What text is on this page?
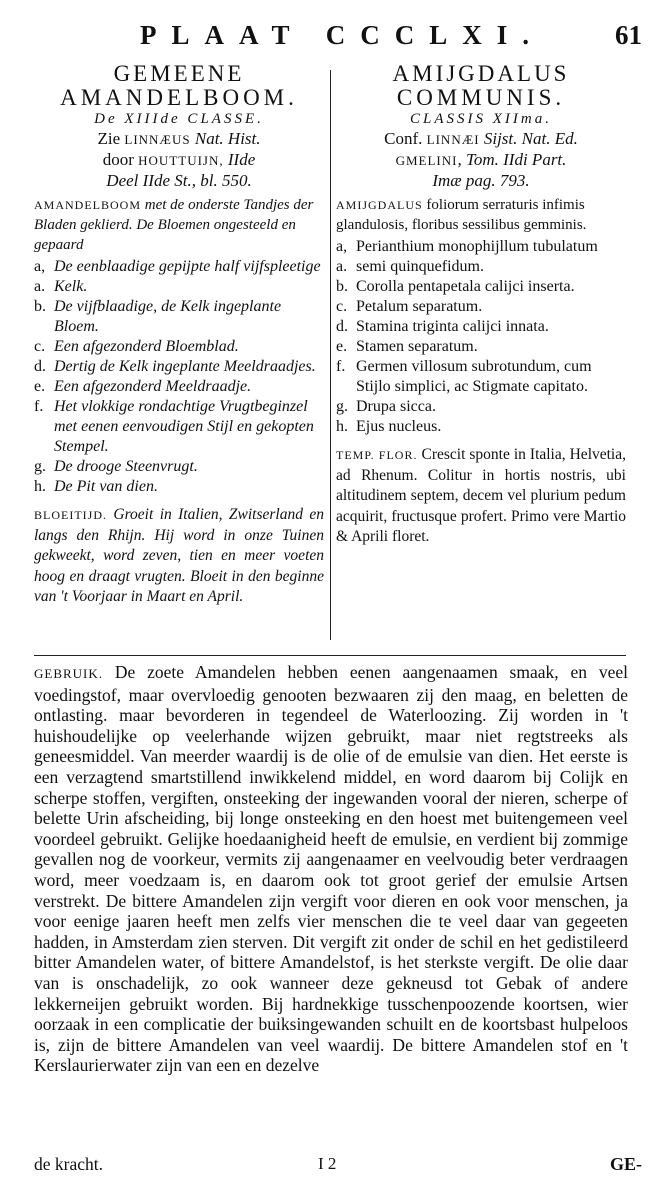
PLAAT CCCLXI.	61
GEMEENE
AMANDELBOOM.
De XIIIde CLASSE.
Zie LINNÆUS Nat. Hist.
door HOUTTUIJN, IIde
Deel IIde St., bl. 550.
AMANDELBOOM met de onderste Tandjes der Bladen geklierd. De Bloemen ongesteeld en gepaard
a, a.
De eenblaadige gepijpte half vijfspleetige Kelk.
b. De vijfblaadige, de Kelk ingeplante Bloem.
c. Een afgezonderd Bloemblad.
d. Dertig de Kelk ingeplante Meeldraadjes.
e. Een afgezonderd Meeldraadje.
f. Het vlokkige rondachtige Vrugtbeginzel met eenen eenvoudigen Stijl en gekopten Stempel.
g. De drooge Steenvrugt.
h. De Pit van dien.
BLOEITIJD. Groeit in Italien, Zwitserland en langs den Rhijn. Hij word in onze Tuinen gekweekt, word zeven, tien en meer voeten hoog en draagt vrugten. Bloeit in den beginne van 't Voorjaar in Maart en April.
AMIJGDALUS
COMMUNIS.
CLASSIS XIIma.
Conf. LINNÆI Sijst. Nat. Ed.
GMELINI, Tom. IIdi Part.
Imæ pag. 793.
AMIJGDALUS foliorum serraturis infimis glandulosis, floribus sessilibus gemminis.
a, a.
Perianthium monophijllum tubulatum semi quinquefidum.
b. Corolla pentapetala calijci inserta.
c. Petalum separatum.
d. Stamina triginta calijci innata.
e. Stamen separatum.
f. Germen villosum subrotundum, cum Stijlo simplici, ac Stigmate capitato.
g. Drupa sicca.
h. Ejus nucleus.
TEMP. FLOR. Crescit sponte in Italia, Helvetia, ad Rhenum. Colitur in hortis nostris, ubi altitudinem septem, decem vel plurium pedum acquirit, fructusque profert. Primo vere Martio & Aprili floret.
GEBRUIK. De zoete Amandelen hebben eenen aangenaamen smaak, en veel voedingstof, maar overvloedig genooten bezwaaren zij den maag, en beletten de ontlasting. maar bevorderen in tegendeel de Waterloozing. Zij worden in 't huishoudelijke op veelerhande wijzen gebruikt, maar niet regtstreeks als geneesmiddel. Van meerder waardij is de olie of de emulsie van dien. Het eerste is een verzagtend smartstillend inwikkelend middel, en word daarom bij Colijk en scherpe stoffen, vergiften, onsteeking der ingewanden vooral der nieren, scherpe of belette Urin afscheiding, bij longe onsteeking en den hoest met buitengemeen veel voordeel gebruikt. Gelijke hoedaanigheid heeft de emulsie, en verdient bij zommige gevallen nog de voorkeur, vermits zij aangenaamer en veelvoudig beter verdraagen word, meer voedzaam is, en daarom ook tot groot gerief der emulsie Artsen verstrekt. De bittere Amandelen zijn vergift voor dieren en ook voor menschen, ja voor eenige jaaren heeft men zelfs vier menschen die te veel daar van gegeeten hadden, in Amsterdam zien sterven. Dit vergift zit onder de schil en het gedistileerd bitter Amandelen water, of bittere Amandelstof, is het sterkste vergift. De olie daar van is onschadelijk, zo ook wanneer deze gekneusd tot Gebak of andere lekkerneijen gebruikt worden. Bij hardnekkige tusschenpoozende koortsen, wier oorzaak in een complicatie der buiksingewanden schuilt en de koortsbast hulpeloos is, zijn de bittere Amandelen van veel waardij. De bittere Amandelen stof en 't Kerslaurierwater zijn van een en dezelve
de kracht.	I 2	GE-
